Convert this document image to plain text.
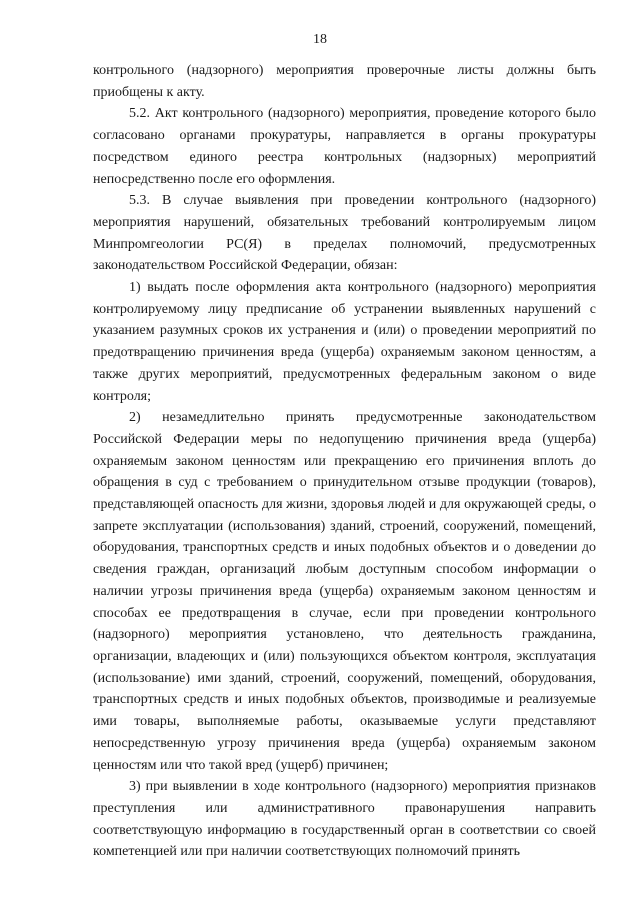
18

контрольного (надзорного) мероприятия проверочные листы должны быть приобщены к акту.

5.2. Акт контрольного (надзорного) мероприятия, проведение которого было согласовано органами прокуратуры, направляется в органы прокуратуры посредством единого реестра контрольных (надзорных) мероприятий непосредственно после его оформления.

5.3. В случае выявления при проведении контрольного (надзорного) мероприятия нарушений, обязательных требований контролируемым лицом Минпромгеологии РС(Я) в пределах полномочий, предусмотренных законодательством Российской Федерации, обязан:

1) выдать после оформления акта контрольного (надзорного) мероприятия контролируемому лицу предписание об устранении выявленных нарушений с указанием разумных сроков их устранения и (или) о проведении мероприятий по предотвращению причинения вреда (ущерба) охраняемым законом ценностям, а также других мероприятий, предусмотренных федеральным законом о виде контроля;

2) незамедлительно принять предусмотренные законодательством Российской Федерации меры по недопущению причинения вреда (ущерба) охраняемым законом ценностям или прекращению его причинения вплоть до обращения в суд с требованием о принудительном отзыве продукции (товаров), представляющей опасность для жизни, здоровья людей и для окружающей среды, о запрете эксплуатации (использования) зданий, строений, сооружений, помещений, оборудования, транспортных средств и иных подобных объектов и о доведении до сведения граждан, организаций любым доступным способом информации о наличии угрозы причинения вреда (ущерба) охраняемым законом ценностям и способах ее предотвращения в случае, если при проведении контрольного (надзорного) мероприятия установлено, что деятельность гражданина, организации, владеющих и (или) пользующихся объектом контроля, эксплуатация (использование) ими зданий, строений, сооружений, помещений, оборудования, транспортных средств и иных подобных объектов, производимые и реализуемые ими товары, выполняемые работы, оказываемые услуги представляют непосредственную угрозу причинения вреда (ущерба) охраняемым законом ценностям или что такой вред (ущерб) причинен;

3) при выявлении в ходе контрольного (надзорного) мероприятия признаков преступления или административного правонарушения направить соответствующую информацию в государственный орган в соответствии со своей компетенцией или при наличии соответствующих полномочий принять
